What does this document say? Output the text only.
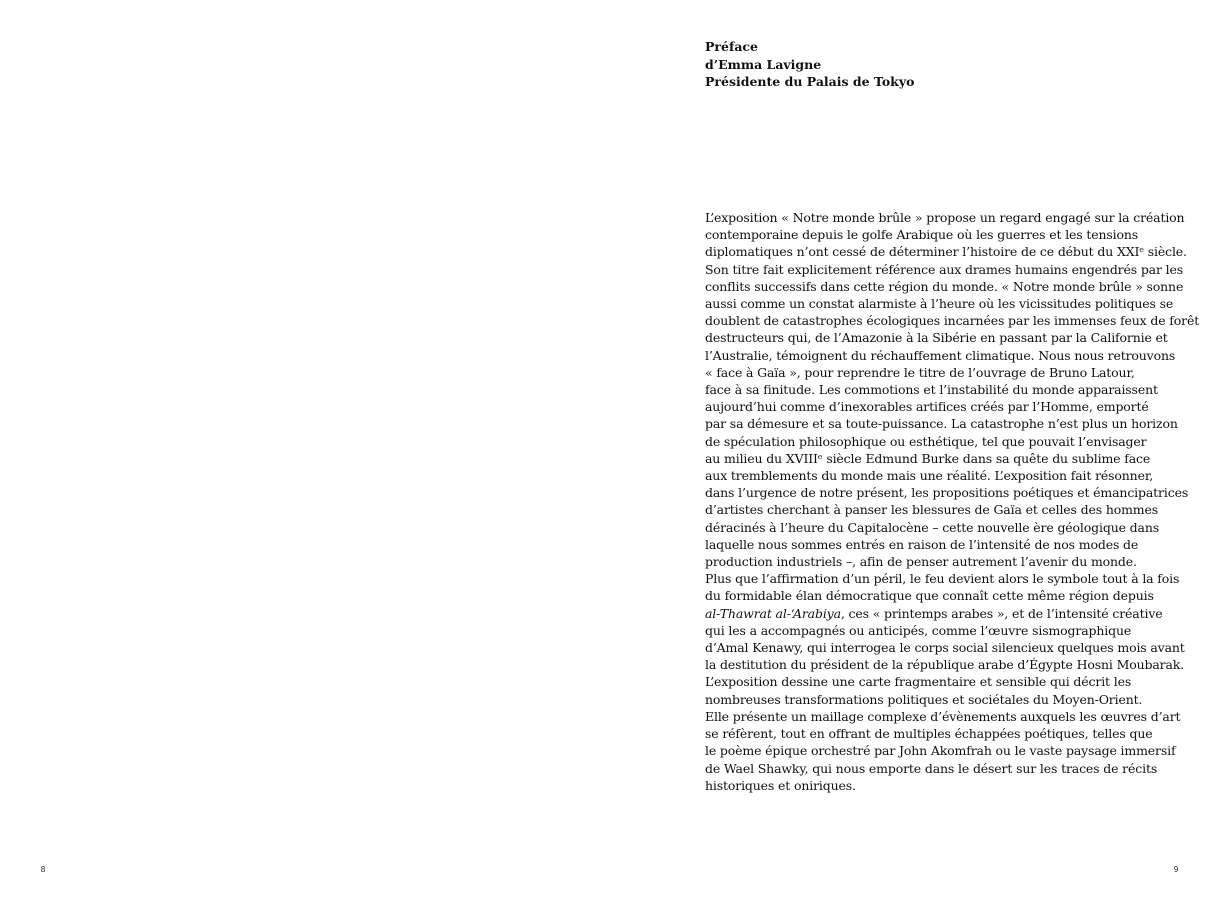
Préface
d’Emma Lavigne
Présidente du Palais de Tokyo
L’exposition « Notre monde brûle » propose un regard engagé sur la création
contemporaine depuis le golfe Arabique où les guerres et les tensions
diplomatiques n’ont cessé de déterminer l’histoire de ce début du XXIᵉ siècle.
Son titre fait explicitement référence aux drames humains engendrés par les
conflits successifs dans cette région du monde. « Notre monde brûle » sonne
aussi comme un constat alarmiste à l’heure où les vicissitudes politiques se
doublent de catastrophes écologiques incarnées par les immenses feux de forêt
destructeurs qui, de l’Amazonie à la Sibérie en passant par la Californie et
l’Australie, témoignent du réchauffement climatique. Nous nous retrouvons
« face à Gaïa », pour reprendre le titre de l’ouvrage de Bruno Latour,
face à sa finitude. Les commotions et l’instabilité du monde apparaissent
aujourd’hui comme d’inexorables artifices créés par l’Homme, emporté
par sa démesure et sa toute-puissance. La catastrophe n’est plus un horizon
de spéculation philosophique ou esthétique, tel que pouvait l’envisager
au milieu du XVIIIᵉ siècle Edmund Burke dans sa quête du sublime face
aux tremblements du monde mais une réalité. L’exposition fait résonner,
dans l’urgence de notre présent, les propositions poétiques et émancipatrices
d’artistes cherchant à panser les blessures de Gaïa et celles des hommes
déracinés à l’heure du Capitalocène – cette nouvelle ère géologique dans
laquelle nous sommes entrés en raison de l’intensité de nos modes de
production industriels –, afin de penser autrement l’avenir du monde.
Plus que l’affirmation d’un péril, le feu devient alors le symbole tout à la fois
du formidable élan démocratique que connaît cette même région depuis
al-Thawrat al-‘Arabiya, ces « printemps arabes », et de l’intensité créative
qui les a accompagnés ou anticipés, comme l’œuvre sismographique
d’Amal Kenawy, qui interrogea le corps social silencieux quelques mois avant
la destitution du président de la république arabe d’Égypte Hosni Moubarak.
L’exposition dessine une carte fragmentaire et sensible qui décrit les
nombreuses transformations politiques et sociétales du Moyen-Orient.
Elle présente un maillage complexe d’évènements auxquels les œuvres d’art
se réfèrent, tout en offrant de multiples échappées poétiques, telles que
le poème épique orchestré par John Akomfrah ou le vaste paysage immersif
de Wael Shawky, qui nous emporte dans le désert sur les traces de récits
historiques et oniriques.
8	9
